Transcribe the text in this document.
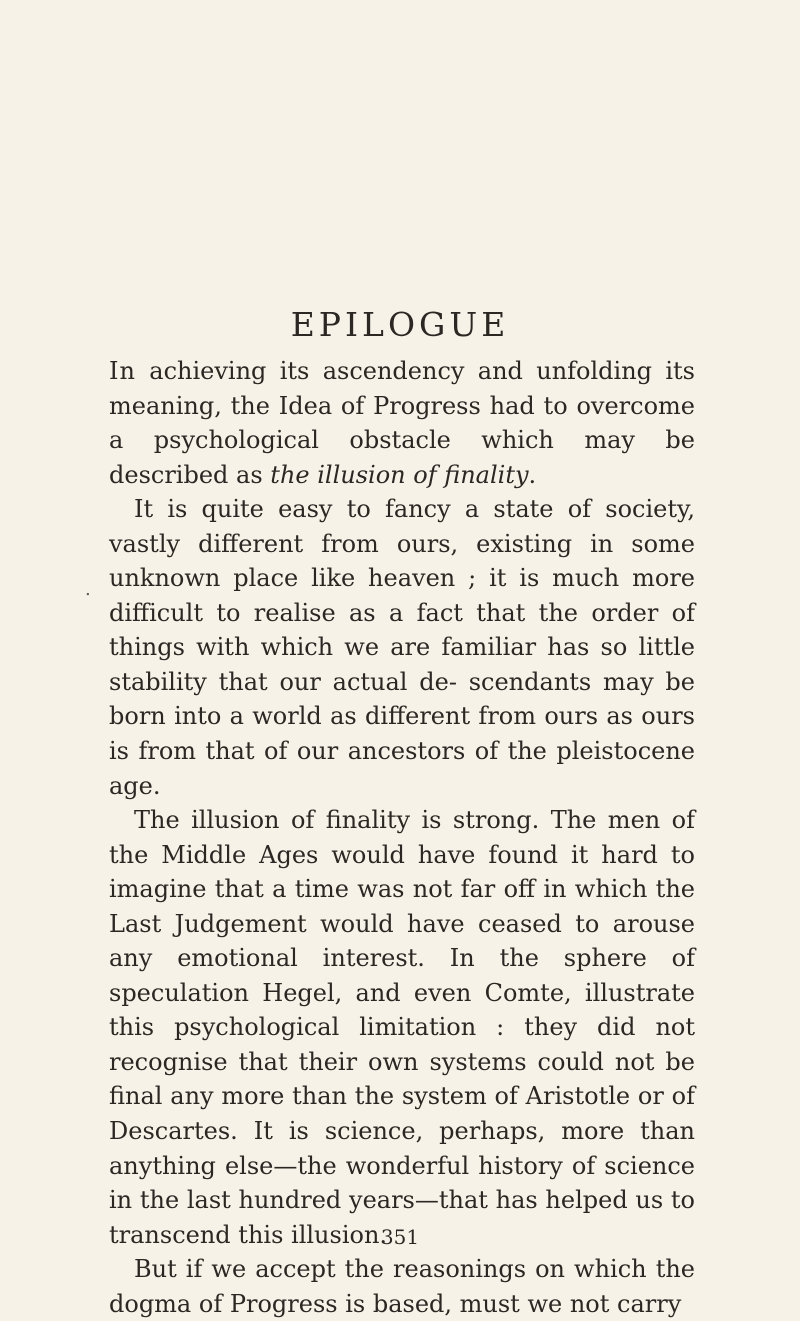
EPILOGUE
.

In achieving its ascendency and unfolding its meaning, the Idea of Progress had to overcome a psychological obstacle which may be described as the illusion of finality.

It is quite easy to fancy a state of society, vastly different from ours, existing in some unknown place like heaven ; it is much more difficult to realise as a fact that the order of things with which we are familiar has so little stability that our actual de- scendants may be born into a world as different from ours as ours is from that of our ancestors of the pleistocene age.

The illusion of finality is strong. The men of the Middle Ages would have found it hard to imagine that a time was not far off in which the Last Judgement would have ceased to arouse any emotional interest. In the sphere of speculation Hegel, and even Comte, illustrate this psychological limitation : they did not recognise that their own systems could not be final any more than the system of Aristotle or of Descartes. It is science, perhaps, more than anything else—the wonderful history of science in the last hundred years—that has helped us to transcend this illusion.

But if we accept the reasonings on which the dogma of Progress is based, must we not carry

351
